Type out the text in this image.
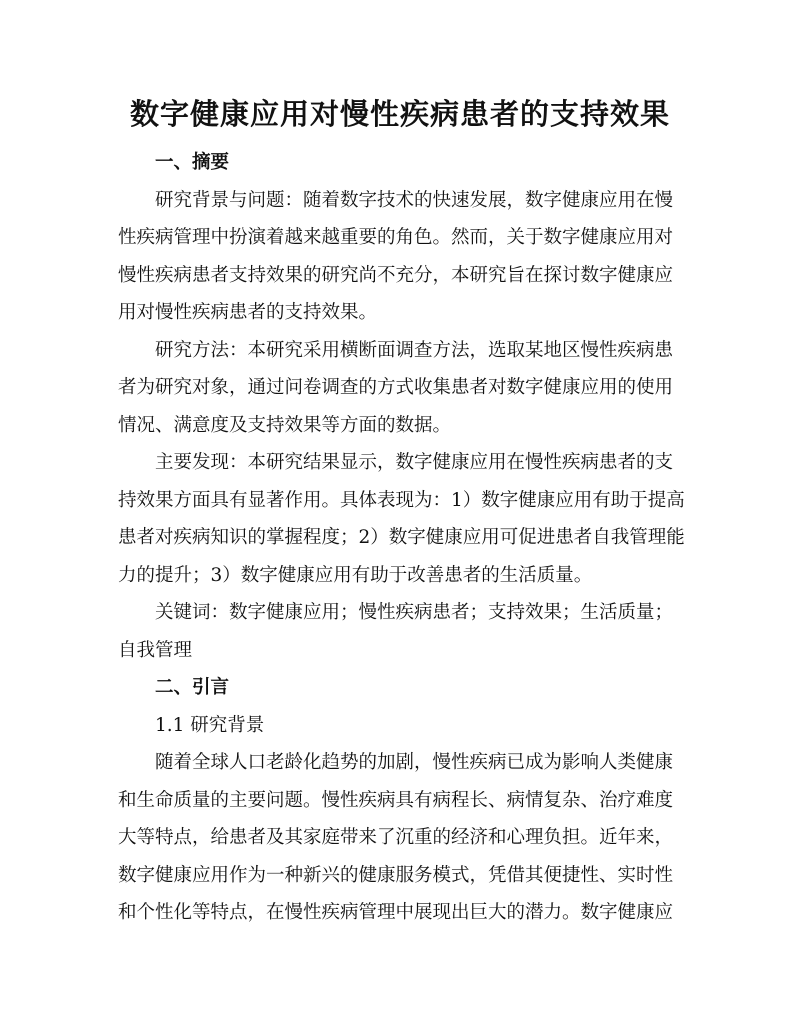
数字健康应用对慢性疾病患者的支持效果

一、摘要

研究背景与问题：随着数字技术的快速发展，数字健康应用在慢
性疾病管理中扮演着越来越重要的角色。然而，关于数字健康应用对
慢性疾病患者支持效果的研究尚不充分，本研究旨在探讨数字健康应
用对慢性疾病患者的支持效果。
研究方法：本研究采用横断面调查方法，选取某地区慢性疾病患
者为研究对象，通过问卷调查的方式收集患者对数字健康应用的使用
情况、满意度及支持效果等方面的数据。
主要发现：本研究结果显示，数字健康应用在慢性疾病患者的支
持效果方面具有显著作用。具体表现为：1）数字健康应用有助于提高
患者对疾病知识的掌握程度；2）数字健康应用可促进患者自我管理能
力的提升；3）数字健康应用有助于改善患者的生活质量。
关键词：数字健康应用；慢性疾病患者；支持效果；生活质量；
自我管理

二、引言

1.1 研究背景

随着全球人口老龄化趋势的加剧，慢性疾病已成为影响人类健康
和生命质量的主要问题。慢性疾病具有病程长、病情复杂、治疗难度
大等特点，给患者及其家庭带来了沉重的经济和心理负担。近年来，
数字健康应用作为一种新兴的健康服务模式，凭借其便捷性、实时性
和个性化等特点，在慢性疾病管理中展现出巨大的潜力。数字健康应
